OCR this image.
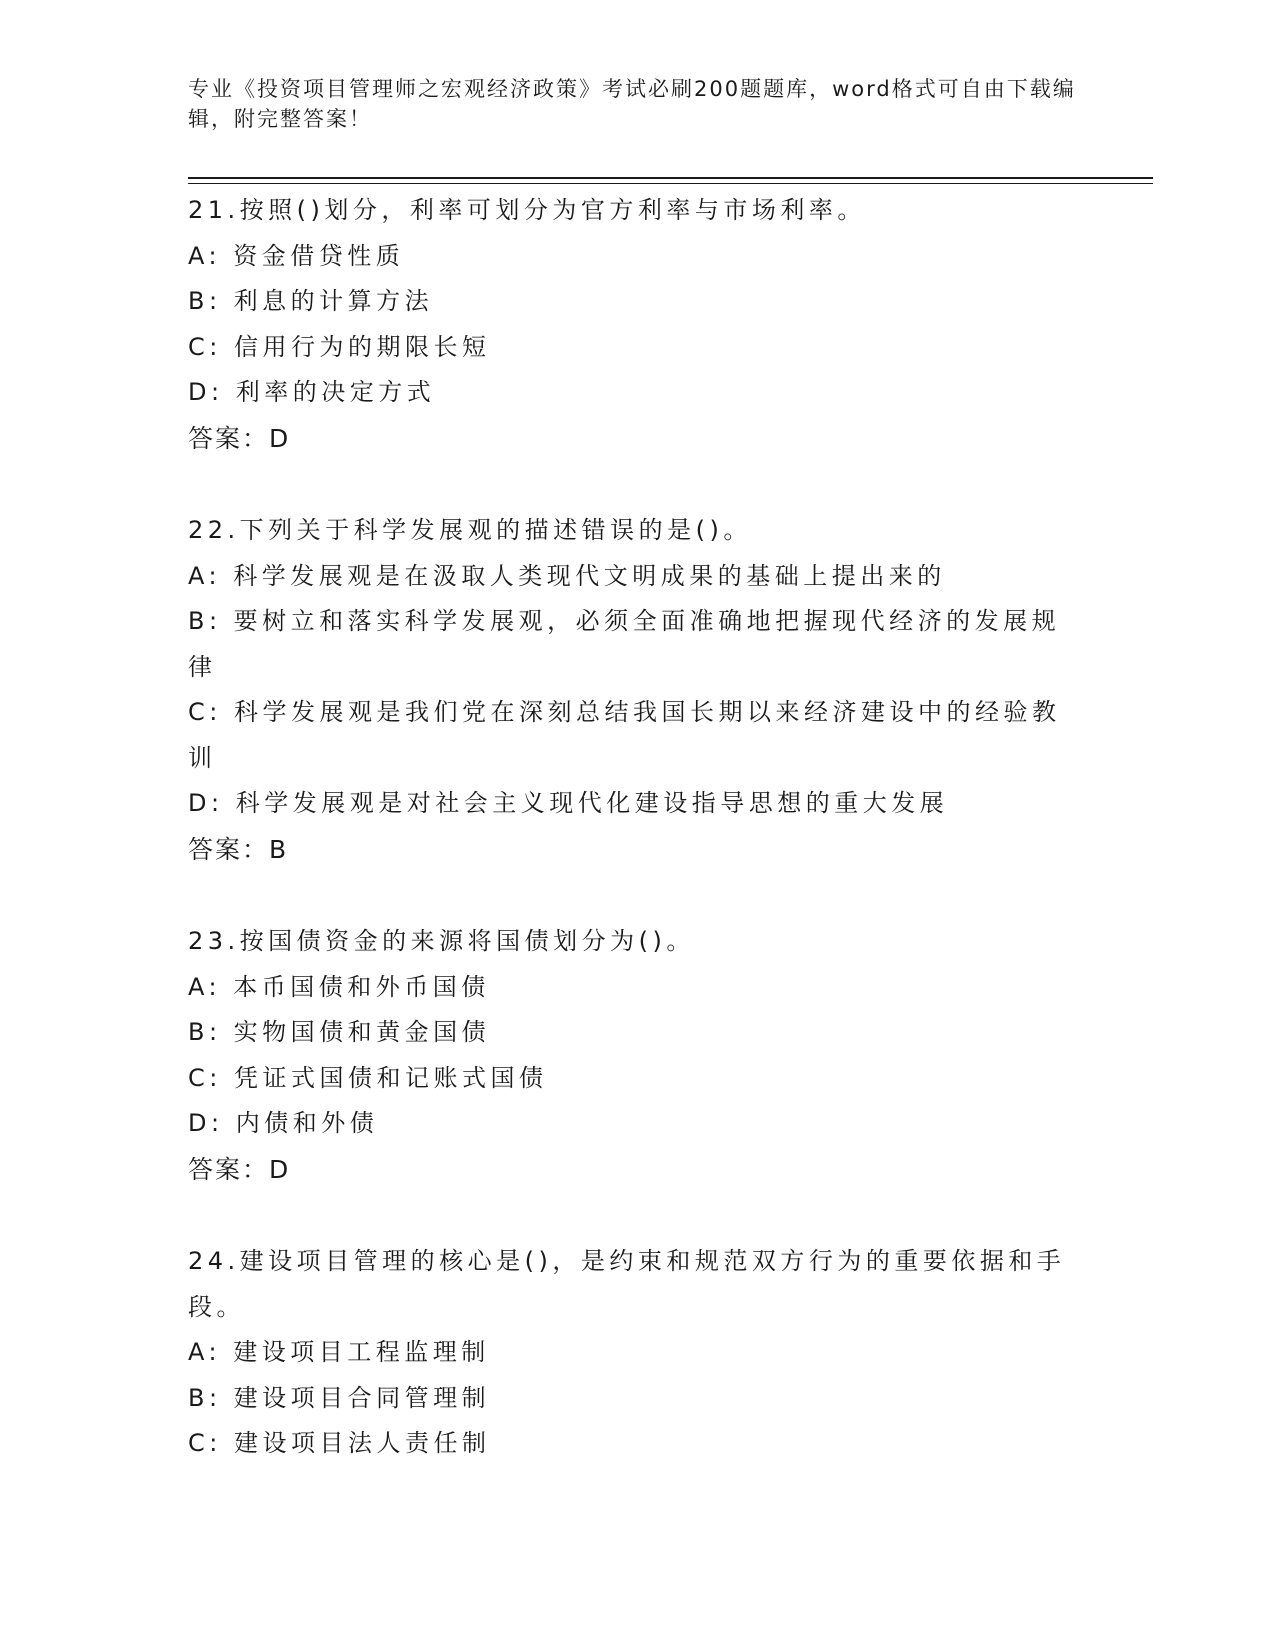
专业《投资项目管理师之宏观经济政策》考试必刷200题题库，word格式可自由下载编辑，附完整答案！
21.按照()划分，利率可划分为官方利率与市场利率。
A: 资金借贷性质
B: 利息的计算方法
C: 信用行为的期限长短
D: 利率的决定方式
答案：D
22.下列关于科学发展观的描述错误的是()。
A: 科学发展观是在汲取人类现代文明成果的基础上提出来的
B: 要树立和落实科学发展观，必须全面准确地把握现代经济的发展规律
C: 科学发展观是我们党在深刻总结我国长期以来经济建设中的经验教训
D: 科学发展观是对社会主义现代化建设指导思想的重大发展
答案：B
23.按国债资金的来源将国债划分为()。
A: 本币国债和外币国债
B: 实物国债和黄金国债
C: 凭证式国债和记账式国债
D: 内债和外债
答案：D
24.建设项目管理的核心是()，是约束和规范双方行为的重要依据和手段。
A: 建设项目工程监理制
B: 建设项目合同管理制
C: 建设项目法人责任制
